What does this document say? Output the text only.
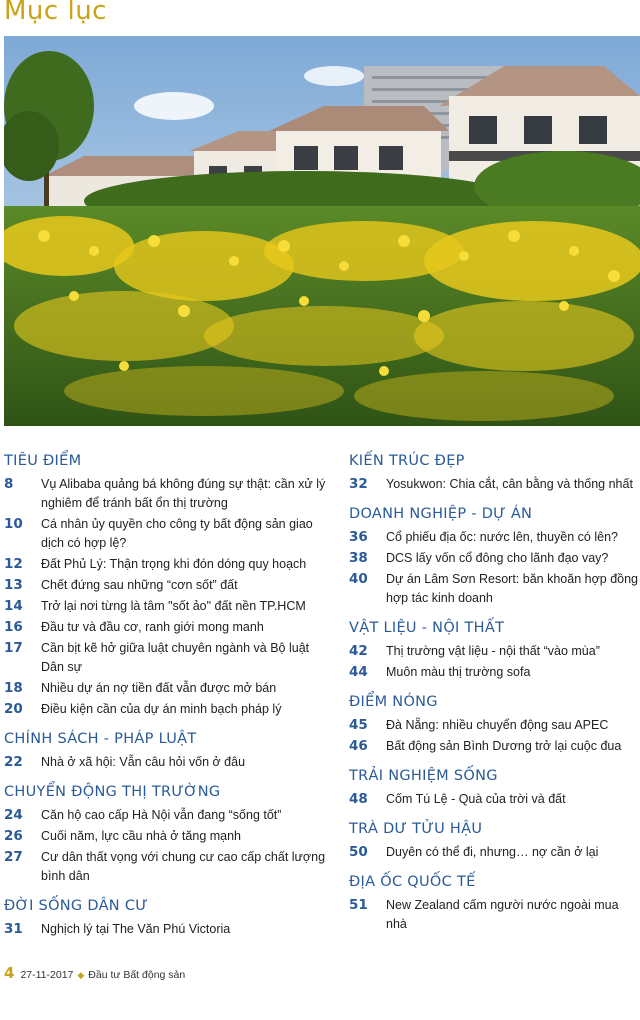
Mục lục
TIÊU ĐIỂM
8	Vụ Alibaba quảng bá không đúng sự thật: cần xử lý nghiêm để tránh bất ổn thị trường
10	Cá nhân ủy quyền cho công ty bất động sản giao dịch có hợp lệ?
12	Đất Phủ Lý: Thận trọng khi đón dóng quy hoạch
13	Chết đứng sau những “cơn sốt” đất
14	Trở lại nơi từng là tâm "sốt ảo" đất nền TP.HCM
16	Đầu tư và đầu cơ, ranh giới mong manh
17	Cần bịt kẽ hở giữa luật chuyên ngành và Bộ luật Dân sự
18	Nhiều dự án nợ tiền đất vẫn được mở bán
20	Điều kiện cần của dự án minh bạch pháp lý
CHÍNH SÁCH - PHÁP LUẬT
22	Nhà ở xã hội: Vẫn câu hỏi vốn ở đâu
CHUYỂN ĐỘNG THỊ TRƯỜNG
24	Căn hộ cao cấp Hà Nội vẫn đang “sống tốt”
26	Cuối năm, lực cầu nhà ở tăng mạnh
27	Cư dân thất vọng với chung cư cao cấp chất lượng bình dân
ĐỜI SỐNG DÂN CƯ
31	Nghịch lý tại The Văn Phú Victoria
KIẾN TRÚC ĐẸP
32	Yosukwon: Chia cắt, cân bằng và thống nhất
DOANH NGHIỆP - DỰ ÁN
36	Cổ phiếu địa ốc: nước lên, thuyền có lên?
38	DCS lấy vốn cổ đông cho lãnh đạo vay?
40	Dự án Lâm Sơn Resort: băn khoăn hợp đồng hợp tác kinh doanh
VẬT LIỆU - NỘI THẤT
42	Thị trường vật liệu - nội thất “vào mùa”
44	Muôn màu thị trường sofa
ĐIỂM NÓNG
45	Đà Nẵng: nhiều chuyển động sau APEC
46	Bất động sản Bình Dương trở lại cuộc đua
TRẢI NGHIỆM SỐNG
48	Cốm Tú Lệ - Quà của trời và đất
TRÀ DƯ TỬU HẬU
50	Duyên có thể đi, nhưng… nợ cần ở lại
ĐỊA ỐC QUỐC TẾ
51	New Zealand cấm người nước ngoài mua nhà
4 27-11-2017 ◆ Đầu tư Bất động sản
